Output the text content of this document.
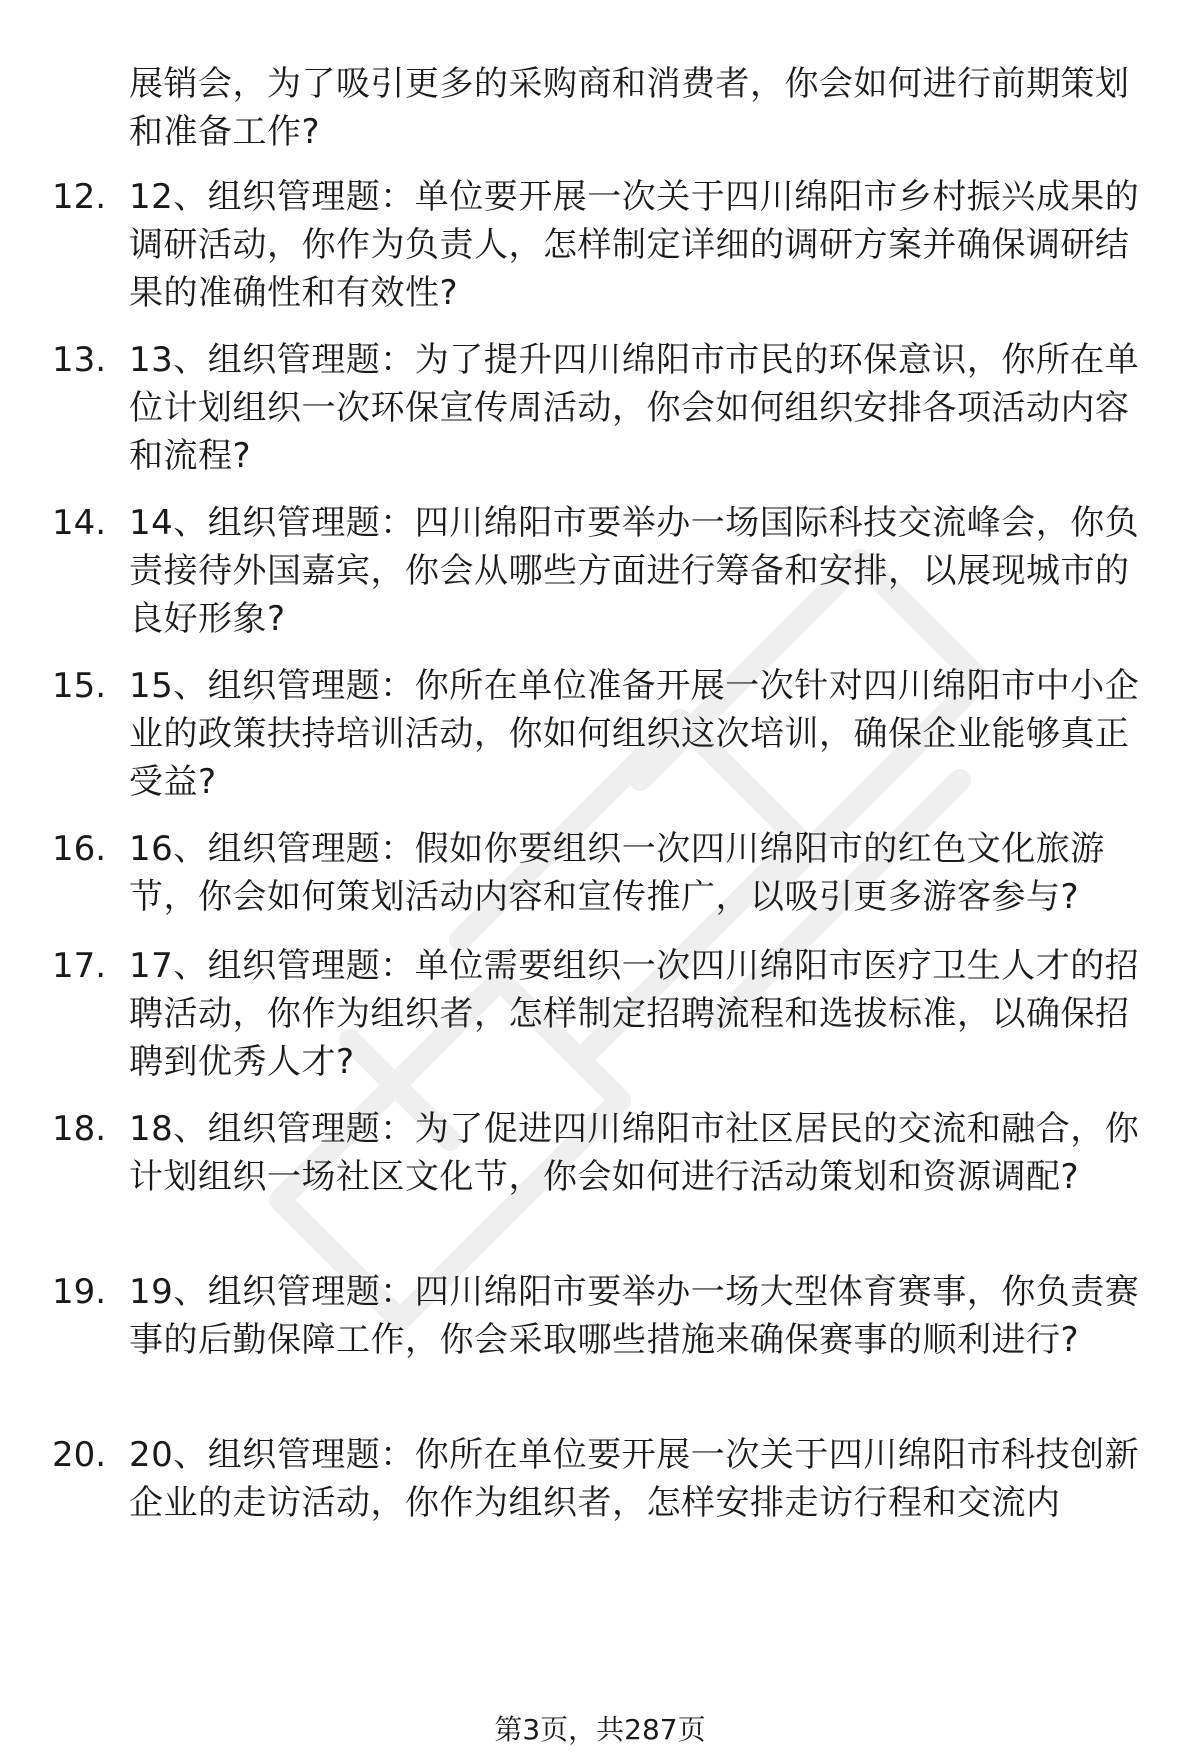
展销会，为了吸引更多的采购商和消费者，你会如何进行前期策划和准备工作?
12. 12、组织管理题：单位要开展一次关于四川绵阳市乡村振兴成果的调研活动，你作为负责人，怎样制定详细的调研方案并确保调研结果的准确性和有效性?
13. 13、组织管理题：为了提升四川绵阳市市民的环保意识，你所在单位计划组织一次环保宣传周活动，你会如何组织安排各项活动内容和流程?
14. 14、组织管理题：四川绵阳市要举办一场国际科技交流峰会，你负责接待外国嘉宾，你会从哪些方面进行筹备和安排，以展现城市的良好形象?
15. 15、组织管理题：你所在单位准备开展一次针对四川绵阳市中小企业的政策扶持培训活动，你如何组织这次培训，确保企业能够真正受益?
16. 16、组织管理题：假如你要组织一次四川绵阳市的红色文化旅游节，你会如何策划活动内容和宣传推广，以吸引更多游客参与?
17. 17、组织管理题：单位需要组织一次四川绵阳市医疗卫生人才的招聘活动，你作为组织者，怎样制定招聘流程和选拔标准，以确保招聘到优秀人才?
18. 18、组织管理题：为了促进四川绵阳市社区居民的交流和融合，你计划组织一场社区文化节，你会如何进行活动策划和资源调配?
19. 19、组织管理题：四川绵阳市要举办一场大型体育赛事，你负责赛事的后勤保障工作，你会采取哪些措施来确保赛事的顺利进行?
20. 20、组织管理题：你所在单位要开展一次关于四川绵阳市科技创新企业的走访活动，你作为组织者，怎样安排走访行程和交流内
第3页，共287页
